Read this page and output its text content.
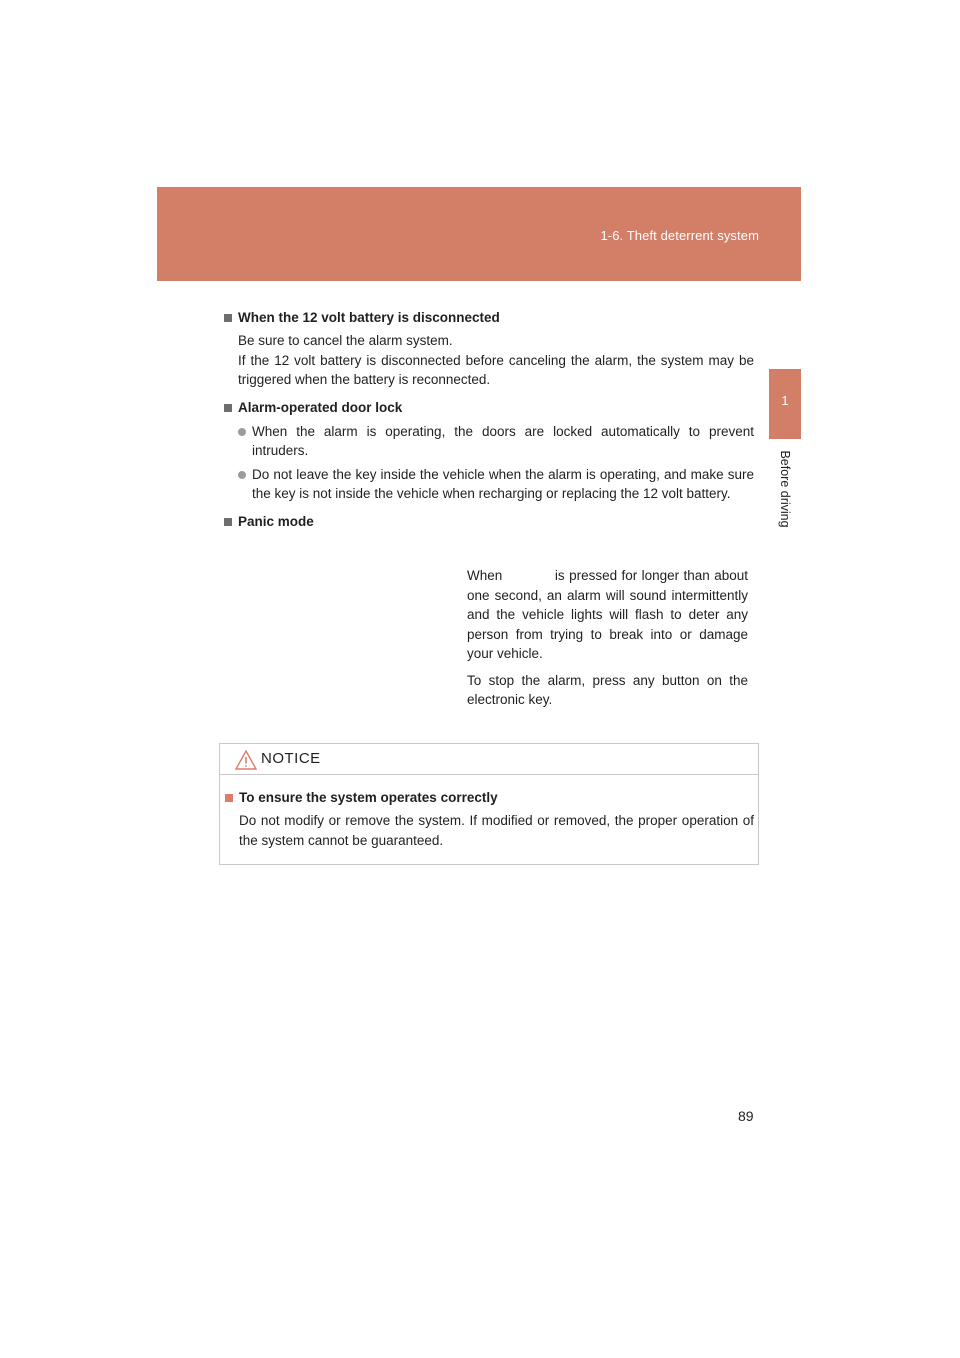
1-6. Theft deterrent system
1
Before driving

When the 12 volt battery is disconnected

Be sure to cancel the alarm system.

If the 12 volt battery is disconnected before canceling the alarm, the system may be triggered when the battery is reconnected.

Alarm-operated door lock

When the alarm is operating, the doors are locked automatically to prevent intruders.
Do not leave the key inside the vehicle when the alarm is operating, and make sure the key is not inside the vehicle when recharging or replacing the 12 volt battery.

Panic mode

When            is pressed for longer than about one second, an alarm will sound intermittently and the vehicle lights will flash to deter any person from trying to break into or damage your vehicle.

To stop the alarm, press any button on the electronic key.

NOTICE

To ensure the system operates correctly

Do not modify or remove the system. If modified or removed, the proper operation of the system cannot be guaranteed.

89
